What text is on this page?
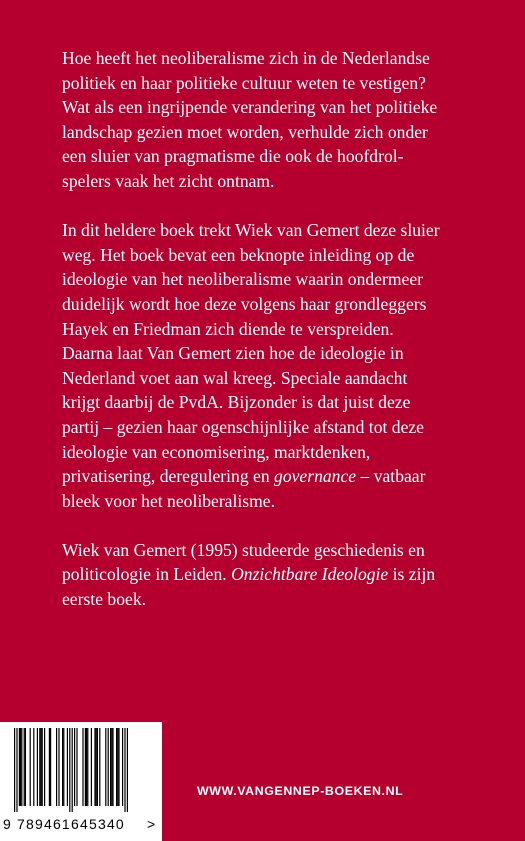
Hoe heeft het neoliberalisme zich in de Nederlandse
politiek en haar politieke cultuur weten te vestigen?
Wat als een ingrijpende verandering van het politieke
landschap gezien moet worden, verhulde zich onder
een sluier van pragmatisme die ook de hoofdrol-
spelers vaak het zicht ontnam.

In dit heldere boek trekt Wiek van Gemert deze sluier
weg. Het boek bevat een beknopte inleiding op de
ideologie van het neoliberalisme waarin ondermeer
duidelijk wordt hoe deze volgens haar grondleggers
Hayek en Friedman zich diende te verspreiden.
Daarna laat Van Gemert zien hoe de ideologie in
Nederland voet aan wal kreeg. Speciale aandacht
krijgt daarbij de PvdA. Bijzonder is dat juist deze
partij – gezien haar ogenschijnlijke afstand tot deze
ideologie van economisering, marktdenken,
privatisering, deregulering en governance – vatbaar
bleek voor het neoliberalisme.

Wiek van Gemert (1995) studeerde geschiedenis en
politicologie in Leiden. Onzichtbare Ideologie is zijn
eerste boek.

9 789461 645340 >
WWW.VANGENNEP-BOEKEN.NL
